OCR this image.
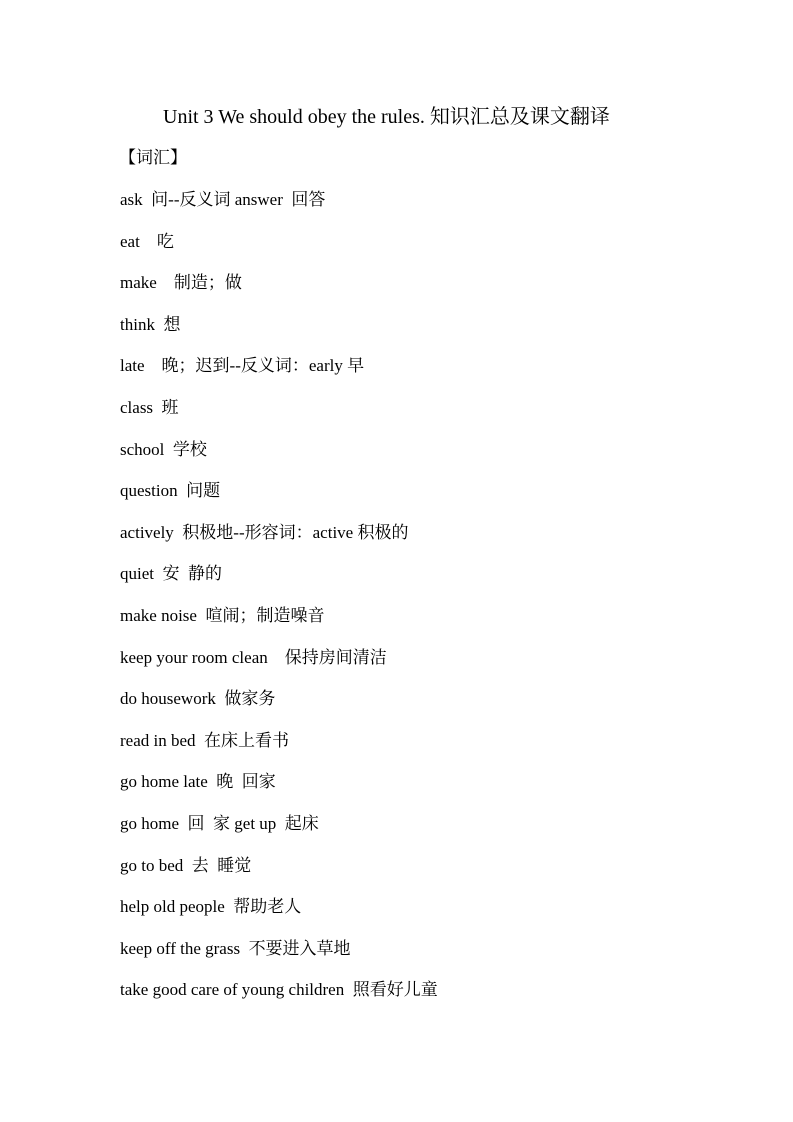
Unit 3 We should obey the rules. 知识汇总及课文翻译
【词汇】
ask  问--反义词 answer  回答
eat    吃
make    制造；做
think  想
late    晚；迟到--反义词：early 早
class  班
school  学校
question  问题
actively  积极地--形容词：active 积极的
quiet  安  静的
make noise  喧闹；制造噪音
keep your room clean    保持房间清洁
do housework  做家务
read in bed  在床上看书
go home late  晚  回家
go home  回  家 get up  起床
go to bed  去  睡觉
help old people  帮助老人
keep off the grass  不要进入草地
take good care of young children  照看好儿童
